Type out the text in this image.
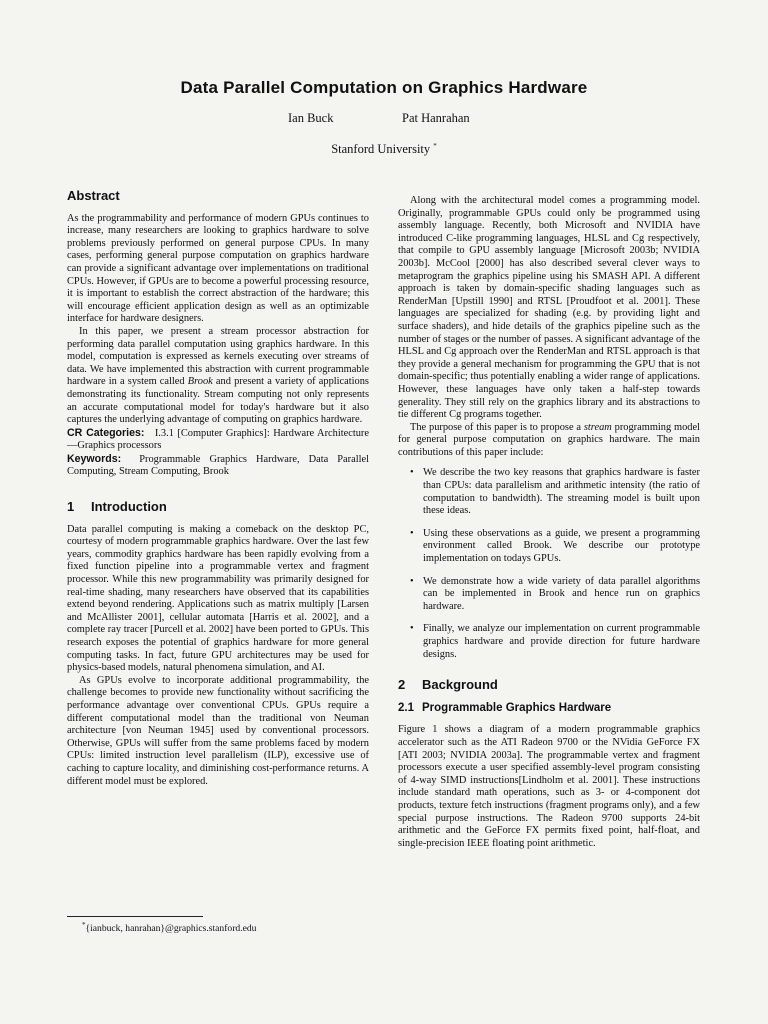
Data Parallel Computation on Graphics Hardware
Ian Buck	Pat Hanrahan
Stanford University *
Abstract

As the programmability and performance of modern GPUs continues to increase, many researchers are looking to graphics hardware to solve problems previously performed on general purpose CPUs. In many cases, performing general purpose computation on graphics hardware can provide a significant advantage over implementations on traditional CPUs. However, if GPUs are to become a powerful processing resource, it is important to establish the correct abstraction of the hardware; this will encourage efficient application design as well as an optimizable interface for hardware designers.

In this paper, we present a stream processor abstraction for performing data parallel computation using graphics hardware. In this model, computation is expressed as kernels executing over streams of data. We have implemented this abstraction with current programmable hardware in a system called Brook and present a variety of applications demonstrating its functionality. Stream computing not only represents an accurate computational model for today's hardware but it also captures the underlying advantage of computing on graphics hardware.

CR Categories: I.3.1 [Computer Graphics]: Hardware Architecture—Graphics processors

Keywords: Programmable Graphics Hardware, Data Parallel Computing, Stream Computing, Brook

1 Introduction

Data parallel computing is making a comeback on the desktop PC, courtesy of modern programmable graphics hardware. Over the last few years, commodity graphics hardware has been rapidly evolving from a fixed function pipeline into a programmable vertex and fragment processor. While this new programmability was primarily designed for real-time shading, many researchers have observed that its capabilities extend beyond rendering. Applications such as matrix multiply [Larsen and McAllister 2001], cellular automata [Harris et al. 2002], and a complete ray tracer [Purcell et al. 2002] have been ported to GPUs. This research exposes the potential of graphics hardware for more general computing tasks. In fact, future GPU architectures may be used for physics-based models, natural phenomena simulation, and AI.

As GPUs evolve to incorporate additional programmability, the challenge becomes to provide new functionality without sacrificing the performance advantage over conventional CPUs. GPUs require a different computational model than the traditional von Neuman architecture [von Neuman 1945] used by conventional processors. Otherwise, GPUs will suffer from the same problems faced by modern CPUs: limited instruction level parallelism (ILP), excessive use of caching to capture locality, and diminishing cost-performance returns. A different model must be explored.

Along with the architectural model comes a programming model. Originally, programmable GPUs could only be programmed using assembly language. Recently, both Microsoft and NVIDIA have introduced C-like programming languages, HLSL and Cg respectively, that compile to GPU assembly language [Microsoft 2003b; NVIDIA 2003b]. McCool [2000] has also described several clever ways to metaprogram the graphics pipeline using his SMASH API. A different approach is taken by domain-specific shading languages such as RenderMan [Upstill 1990] and RTSL [Proudfoot et al. 2001]. These languages are specialized for shading (e.g. by providing light and surface shaders), and hide details of the graphics pipeline such as the number of stages or the number of passes. A significant advantage of the HLSL and Cg approach over the RenderMan and RTSL approach is that they provide a general mechanism for programming the GPU that is not domain-specific; thus potentially enabling a wider range of applications. However, these languages have only taken a half-step towards generality. They still rely on the graphics library and its abstractions to tie different Cg programs together.

The purpose of this paper is to propose a stream programming model for general purpose computation on graphics hardware. The main contributions of this paper include:

• We describe the two key reasons that graphics hardware is faster than CPUs: data parallelism and arithmetic intensity (the ratio of computation to bandwidth). The streaming model is built upon these ideas.
• Using these observations as a guide, we present a programming environment called Brook. We describe our prototype implementation on todays GPUs.
• We demonstrate how a wide variety of data parallel algorithms can be implemented in Brook and hence run on graphics hardware.
• Finally, we analyze our implementation on current programmable graphics hardware and provide direction for future hardware designs.
2 Background
2.1 Programmable Graphics Hardware

Figure 1 shows a diagram of a modern programmable graphics accelerator such as the ATI Radeon 9700 or the NVidia GeForce FX [ATI 2003; NVIDIA 2003a]. The programmable vertex and fragment processors execute a user specified assembly-level program consisting of 4-way SIMD instructions[Lindholm et al. 2001]. These instructions include standard math operations, such as 3- or 4-component dot products, texture fetch instructions (fragment programs only), and a few special purpose instructions. The Radeon 9700 supports 24-bit arithmetic and the GeForce FX permits fixed point, half-float, and single-precision IEEE floating point arithmetic.

*{ianbuck, hanrahan}@graphics.stanford.edu
